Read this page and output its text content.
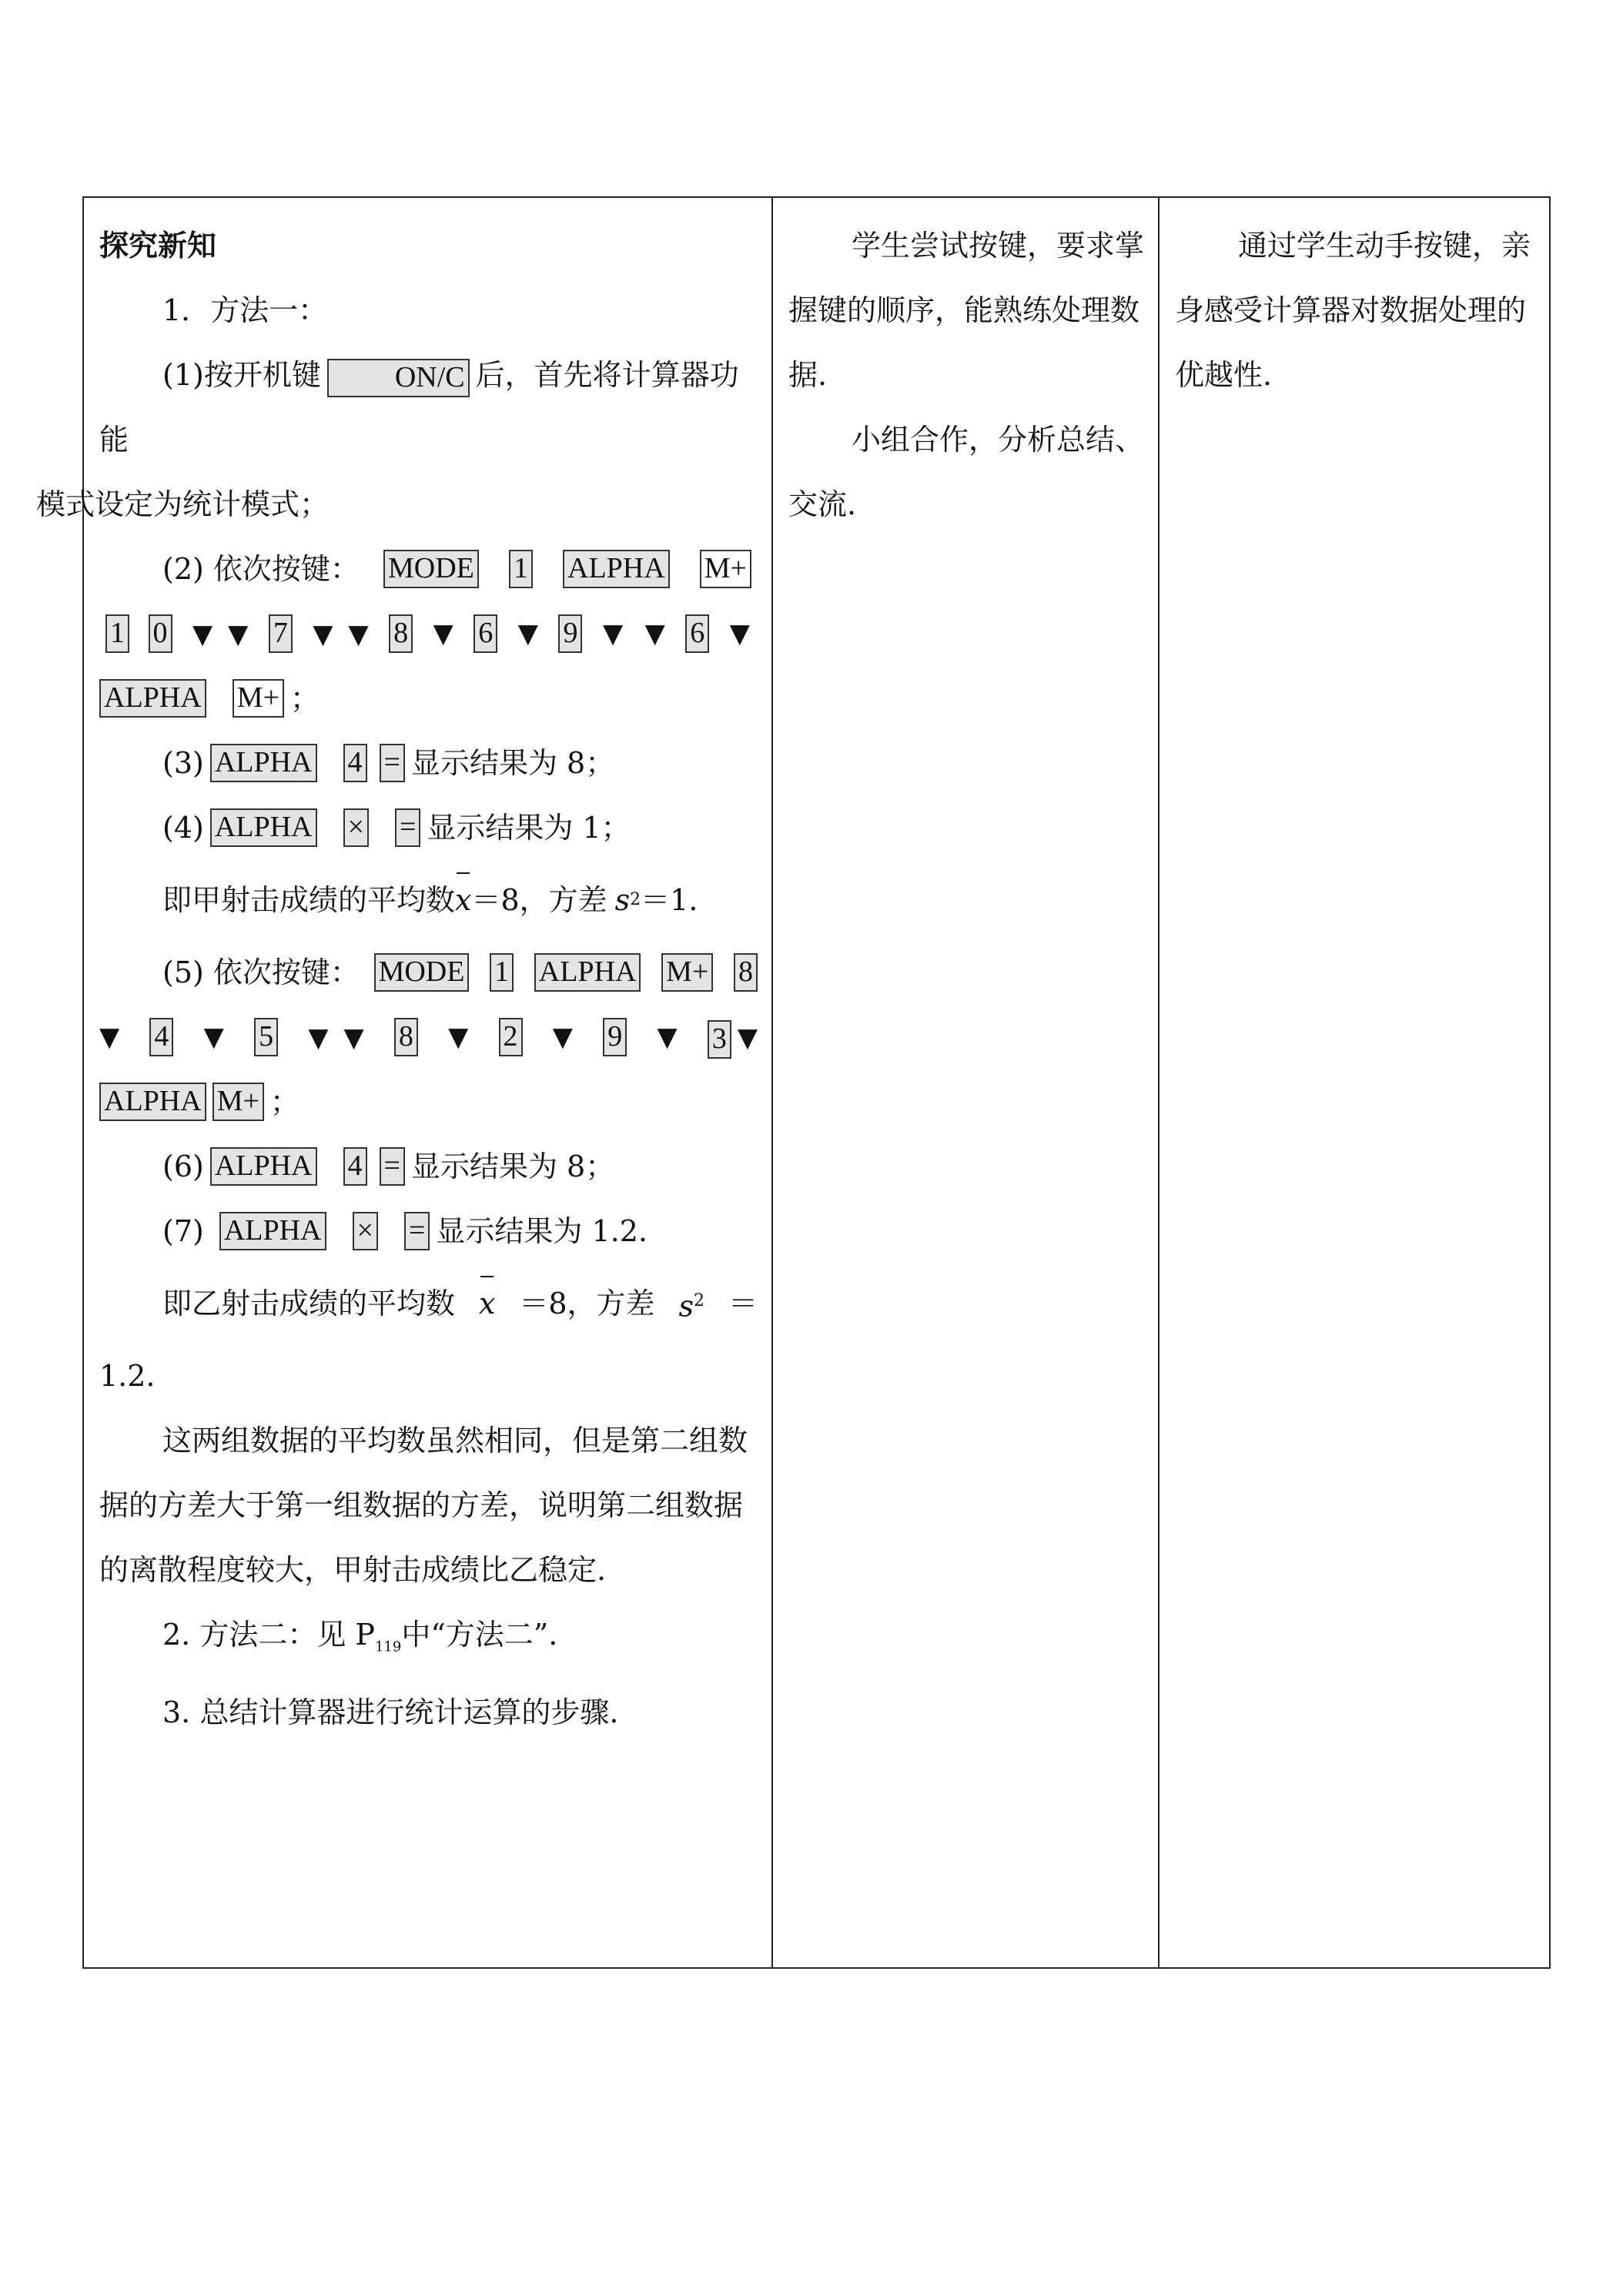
探究新知

1．方法一：

(1)按开机键	ON/C 后，首先将计算器功能
模式设定为统计模式；

(2) 依次按键： MODE 1 ALPHA M+
1 0 ▼ ▼ 7 ▼ ▼ 8 ▼ 6 ▼ 9 ▼ ▼ 6 ▼
ALPHA M+ ；
(3) ALPHA 4 = 显示结果为 8；
(4) ALPHA × = 显示结果为 1；
即甲射击成绩的平均数 x ＝8，方差 s 2 ＝1.
(5) 依次按键： MODE 1 ALPHA M+ 8
▼ 4 ▼ 5 ▼ ▼ 8 ▼ 2 ▼ 9 ▼	3 ▼
ALPHA M+ ；
(6) ALPHA 4 = 显示结果为 8；
(7) ALPHA × = 显示结果为 1.2.
即乙射击成绩的平均数 x ＝8，方差 $s^2$ ＝

1.2.

这两组数据的平均数虽然相同，但是第二组数据的方差大于第一组数据的方差，说明第二组数据的离散程度较大，甲射击成绩比乙稳定.

2. 方法二：见 $P_{119}$中“方法二”.

3. 总结计算器进行统计运算的步骤.

学生尝试按键，要求掌握键的顺序，能熟练处理数据.

小组合作，分析总结、交流.

通过学生动手按键，亲身感受计算器对数据处理的优越性.
